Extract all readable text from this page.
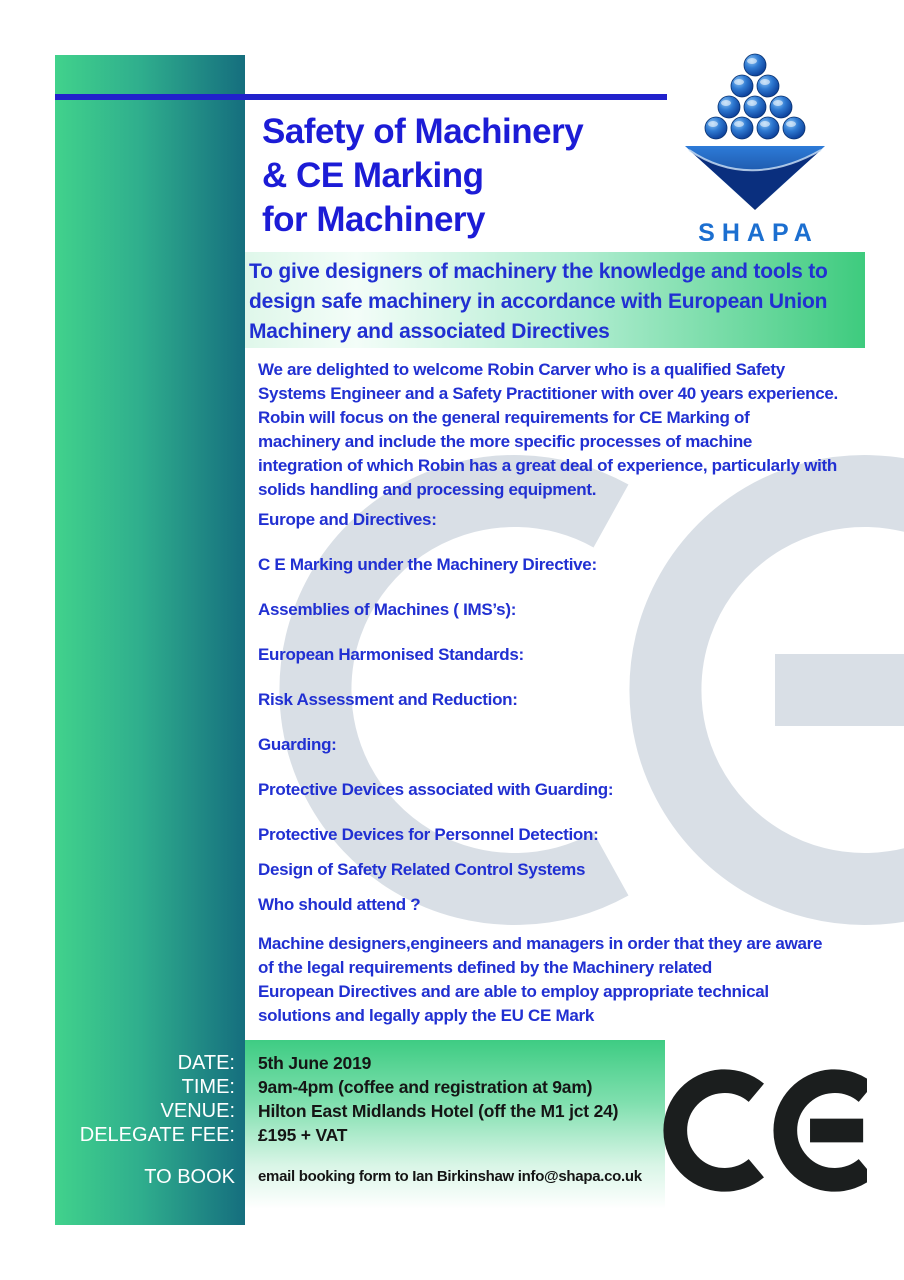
Safety of Machinery
& CE Marking
for Machinery	SHAPA
To give designers of machinery the knowledge and tools to
design safe machinery in accordance with European Union
Machinery and associated Directives
We are delighted to welcome Robin Carver who is a qualified Safety
Systems Engineer and a Safety Practitioner with over 40 years experience.
Robin will focus on the general requirements for CE Marking of
machinery and include the more specific processes of machine
integration of which Robin has a great deal of experience, particularly with
solids handling and processing equipment.
Europe and Directives:
C E Marking under the Machinery Directive:
Assemblies of Machines ( IMS’s):
European Harmonised Standards:
Risk Assessment and Reduction:
Guarding:
Protective Devices associated with Guarding:
Protective Devices for Personnel Detection:
Design of Safety Related Control Systems
Who should attend ?
Machine designers,engineers and managers in order that they are aware
of the legal requirements defined by the Machinery related
European Directives and are able to employ appropriate technical
solutions and legally apply the EU CE Mark
DATE:
TIME:
VENUE:
DELEGATE FEE:
TO BOOK
5th June 2019
9am-4pm (coffee and registration at 9am)
Hilton East Midlands Hotel (off the M1 jct 24)
£195 + VAT
email booking form to Ian Birkinshaw info@shapa.co.uk
